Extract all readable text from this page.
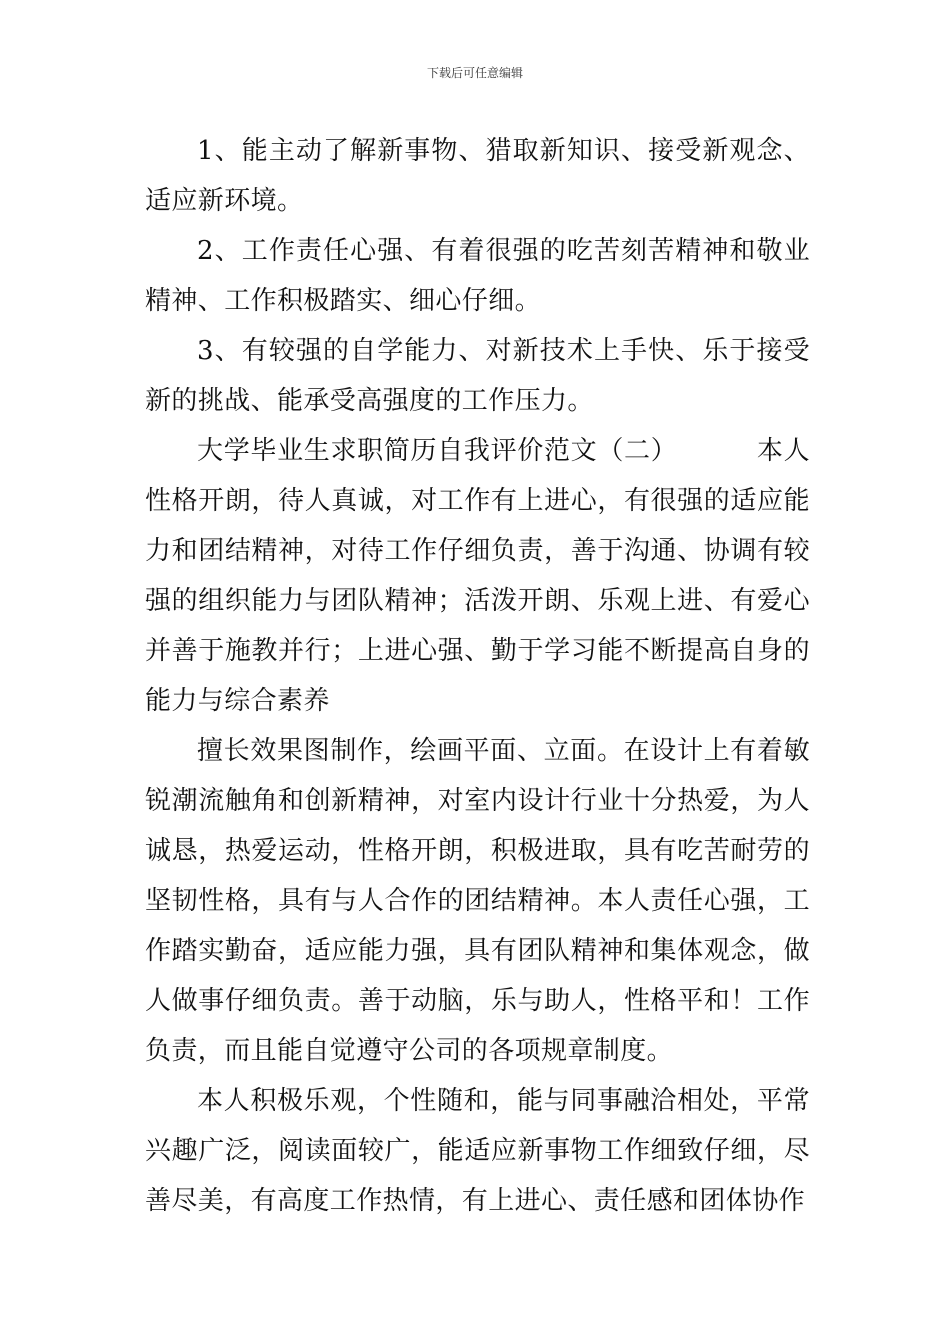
下载后可任意编辑

1、能主动了解新事物、猎取新知识、接受新观念、适应新环境。

2、工作责任心强、有着很强的吃苦刻苦精神和敬业精神、工作积极踏实、细心仔细。

3、有较强的自学能力、对新技术上手快、乐于接受新的挑战、能承受高强度的工作压力。

大学毕业生求职简历自我评价范文（二）   	本人性格开朗，待人真诚，对工作有上进心，有很强的适应能力和团结精神，对待工作仔细负责，善于沟通、协调有较强的组织能力与团队精神；活泼开朗、乐观上进、有爱心并善于施教并行；上进心强、勤于学习能不断提高自身的能力与综合素养

擅长效果图制作，绘画平面、立面。在设计上有着敏锐潮流触角和创新精神，对室内设计行业十分热爱，为人诚恳，热爱运动，性格开朗，积极进取，具有吃苦耐劳的坚韧性格，具有与人合作的团结精神。本人责任心强，工作踏实勤奋，适应能力强，具有团队精神和集体观念，做人做事仔细负责。善于动脑，乐与助人，性格平和！工作负责，而且能自觉遵守公司的各项规章制度。

本人积极乐观，个性随和，能与同事融洽相处，平常兴趣广泛，阅读面较广，能适应新事物工作细致仔细，尽善尽美，有高度工作热情，有上进心、责任感和团体协作
